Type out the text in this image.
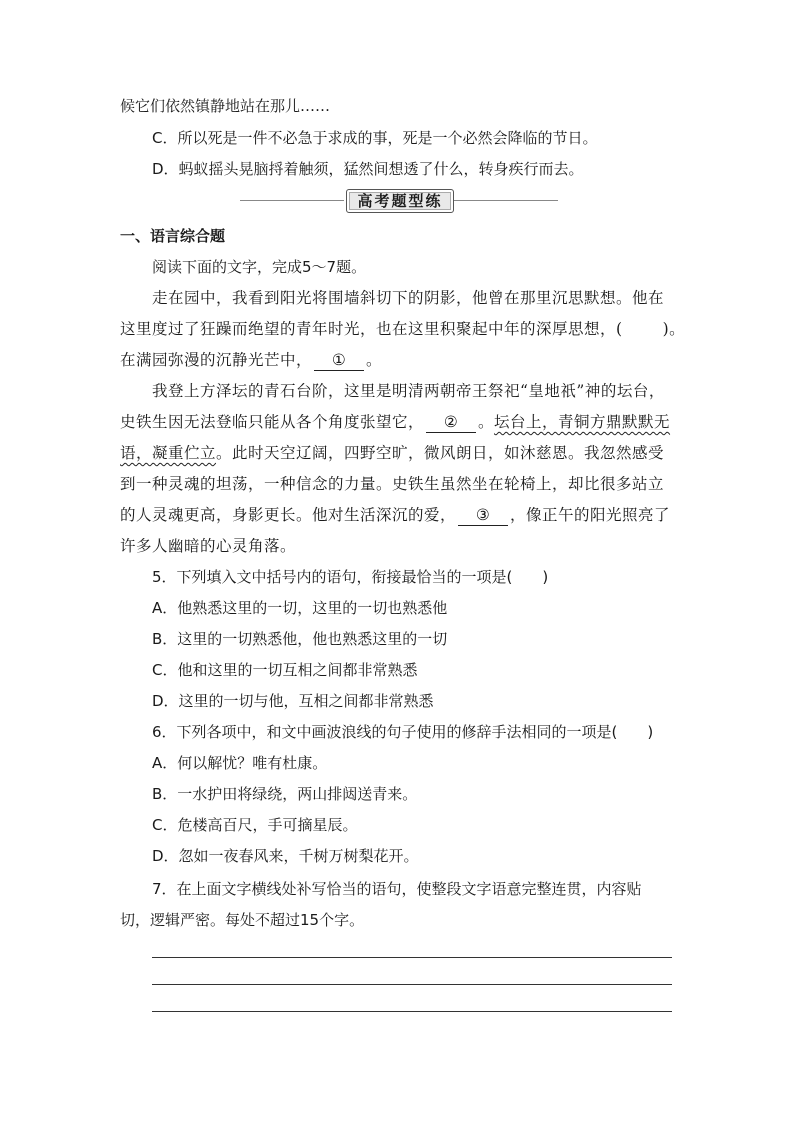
候它们依然镇静地站在那儿……
C．所以死是一件不必急于求成的事，死是一个必然会降临的节日。
D．蚂蚁摇头晃脑捋着触须，猛然间想透了什么，转身疾行而去。
高考题型练
一、语言综合题
阅读下面的文字，完成5～7题。
走在园中，我看到阳光将围墙斜切下的阴影，他曾在那里沉思默想。他在
这里度过了狂躁而绝望的青年时光，也在这里积聚起中年的深厚思想，(	)。
在满园弥漫的沉静光芒中， ① 。
我登上方泽坛的青石台阶，这里是明清两朝帝王祭祀“皇地祇”神的坛台，
史铁生因无法登临只能从各个角度张望它， ② 。坛台上，青铜方鼎默默无
语，凝重伫立。此时天空辽阔，四野空旷，微风朗日，如沐慈恩。我忽然感受
到一种灵魂的坦荡，一种信念的力量。史铁生虽然坐在轮椅上，却比很多站立
的人灵魂更高，身影更长。他对生活深沉的爱， ③ ，像正午的阳光照亮了
许多人幽暗的心灵角落。
5．下列填入文中括号内的语句，衔接最恰当的一项是(　　)
A．他熟悉这里的一切，这里的一切也熟悉他
B．这里的一切熟悉他，他也熟悉这里的一切
C．他和这里的一切互相之间都非常熟悉
D．这里的一切与他，互相之间都非常熟悉
6．下列各项中，和文中画波浪线的句子使用的修辞手法相同的一项是(　　)
A．何以解忧？唯有杜康。
B．一水护田将绿绕，两山排闼送青来。
C．危楼高百尺，手可摘星辰。
D．忽如一夜春风来，千树万树梨花开。
7．在上面文字横线处补写恰当的语句，使整段文字语意完整连贯，内容贴
切，逻辑严密。每处不超过15个字。
